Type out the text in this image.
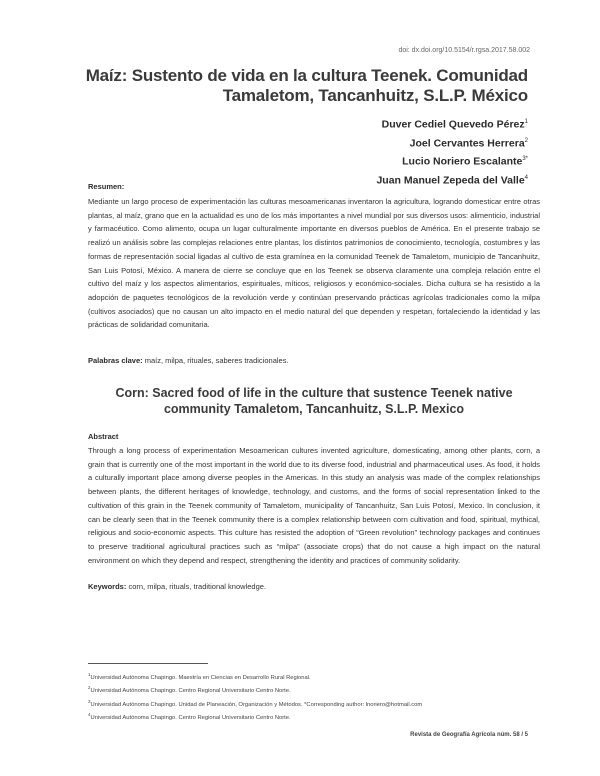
doi: dx.doi.org/10.5154/r.rgsa.2017.58.002
Maíz: Sustento de vida en la cultura Teenek. Comunidad Tamaletom, Tancanhuitz, S.L.P. México
Duver Cediel Quevedo Pérez$^1$
Joel Cervantes Herrera$^2$
Lucio Noriero Escalante$^{3*}$
Juan Manuel Zepeda del Valle$^4$
Resumen:
Mediante un largo proceso de experimentación las culturas mesoamericanas inventaron la agricultura, logrando domesticar entre otras plantas, al maíz, grano que en la actualidad es uno de los más importantes a nivel mundial por sus diversos usos: alimenticio, industrial y farmacéutico. Como alimento, ocupa un lugar culturalmente importante en diversos pueblos de América. En el presente trabajo se realizó un análisis sobre las complejas relaciones entre plantas, los distintos patrimonios de conocimiento, tecnología, costumbres y las formas de representación social ligadas al cultivo de esta gramínea en la comunidad Teenek de Tamaletom, municipio de Tancanhuitz, San Luis Potosí, México. A manera de cierre se concluye que en los Teenek se observa claramente una compleja relación entre el cultivo del maíz y los aspectos alimentarios, espirituales, míticos, religiosos y económico-sociales. Dicha cultura se ha resistido a la adopción de paquetes tecnológicos de la revolución verde y continúan preservando prácticas agrícolas tradicionales como la milpa (cultivos asociados) que no causan un alto impacto en el medio natural del que dependen y respetan, fortaleciendo la identidad y las prácticas de solidaridad comunitaria.
Palabras clave: maíz, milpa, rituales, saberes tradicionales.
Corn: Sacred food of life in the culture that sustence Teenek native community Tamaletom, Tancanhuitz, S.L.P. Mexico
Abstract
Through a long process of experimentation Mesoamerican cultures invented agriculture, domesticating, among other plants, corn, a grain that is currently one of the most important in the world due to its diverse food, industrial and pharmaceutical uses. As food, it holds a culturally important place among diverse peoples in the Americas. In this study an analysis was made of the complex relationships between plants, the different heritages of knowledge, technology, and customs, and the forms of social representation linked to the cultivation of this grain in the Teenek community of Tamaletom, municipality of Tancanhuitz, San Luis Potosí, Mexico. In conclusion, it can be clearly seen that in the Teenek community there is a complex relationship between corn cultivation and food, spiritual, mythical, religious and socio-economic aspects. This culture has resisted the adoption of “Green revolution” technology packages and continues to preserve traditional agricultural practices such as “milpa” (associate crops) that do not cause a high impact on the natural environment on which they depend and respect, strengthening the identity and practices of community solidarity.
Keywords: corn, milpa, rituals, traditional knowledge.
$^1$Universidad Autónoma Chapingo. Maestría en Ciencias en Desarrollo Rural Regional.
$^2$Universidad Autónoma Chapingo. Centro Regional Universitario Centro Norte.
$^3$Universidad Autónoma Chapingo. Unidad de Planeación, Organización y Métodos. *Corresponding author: lnoriero@hotmail.com
$^4$Universidad Autónoma Chapingo. Centro Regional Universitario Centro Norte.
Revista de Geografía Agrícola núm. 58 / 5
